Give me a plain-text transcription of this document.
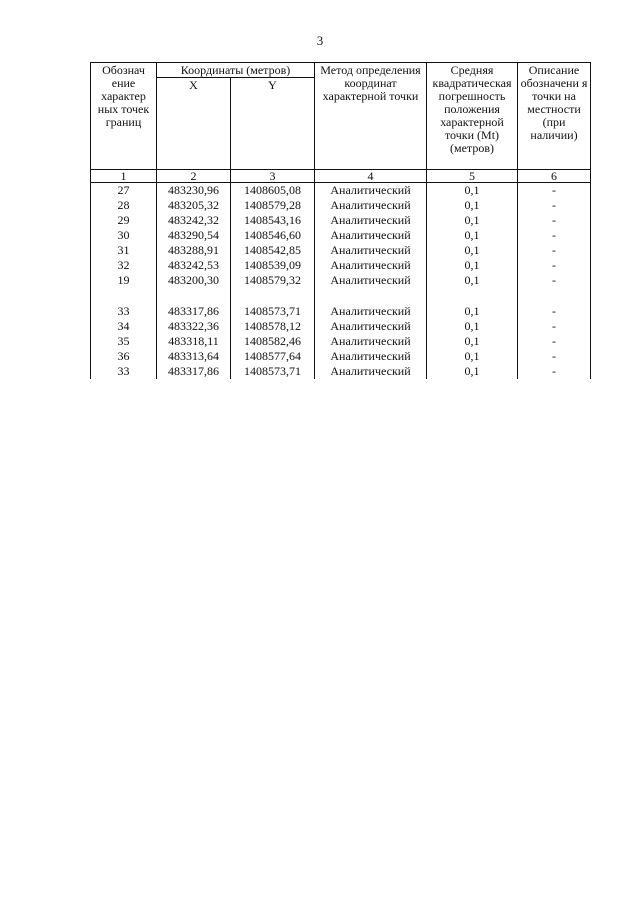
3
Обознач ение характер ных точек границ	Координаты (метров)		Метод определения координат характерной точки	Средняя квадратическая погрешность положения характерной точки (Mt) (метров)	Описание обозначени я точки на местности (при наличии)
	X	Y			
1	2	3	4	5	6
27	483230,96	1408605,08	Аналитический	0,1	-
28	483205,32	1408579,28	Аналитический	0,1	-
29	483242,32	1408543,16	Аналитический	0,1	-
30	483290,54	1408546,60	Аналитический	0,1	-
31	483288,91	1408542,85	Аналитический	0,1	-
32	483242,53	1408539,09	Аналитический	0,1	-
19	483200,30	1408579,32	Аналитический	0,1	-

33	483317,86	1408573,71	Аналитический	0,1	-
34	483322,36	1408578,12	Аналитический	0,1	-
35	483318,11	1408582,46	Аналитический	0,1	-
36	483313,64	1408577,64	Аналитический	0,1	-
33	483317,86	1408573,71	Аналитический	0,1	-
